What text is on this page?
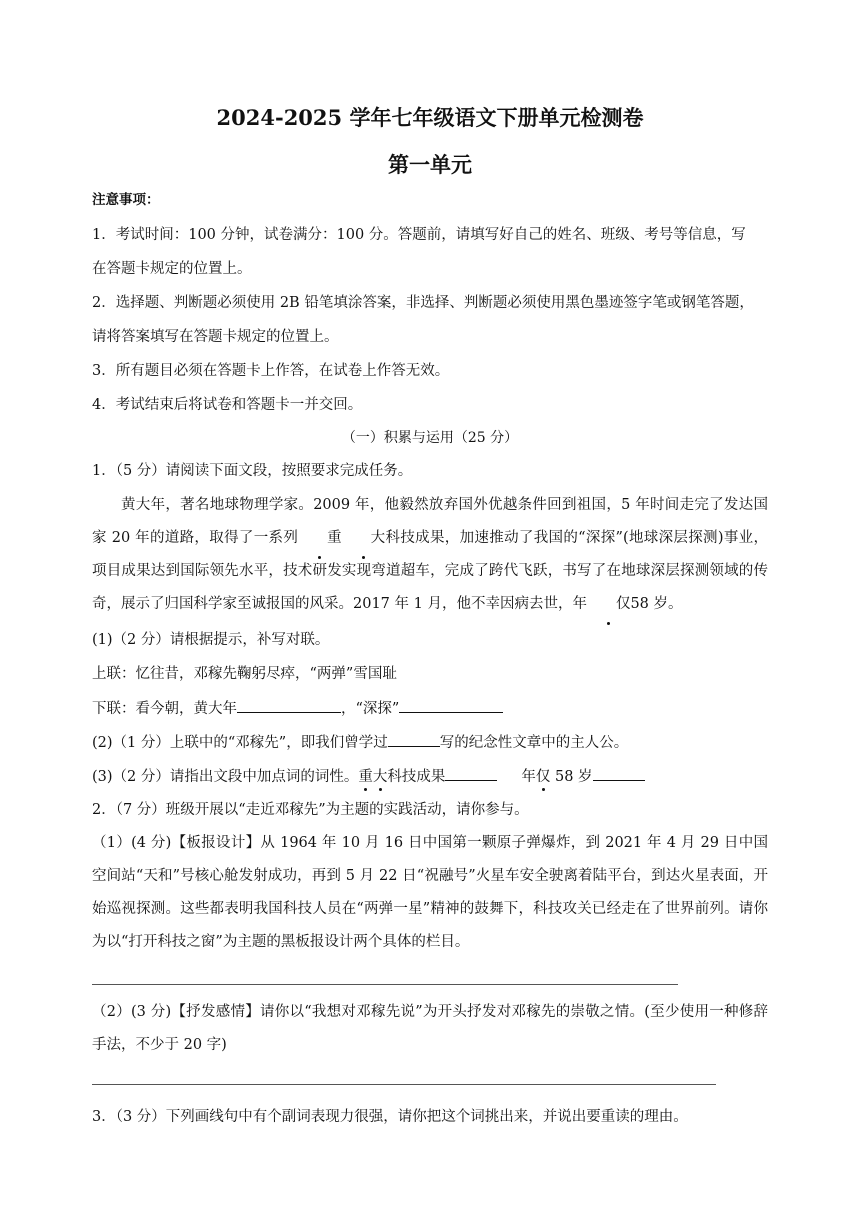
2024-2025 学年七年级语文下册单元检测卷
第一单元
注意事项：
1．考试时间：100 分钟，试卷满分：100 分。答题前，请填写好自己的姓名、班级、考号等信息，写
在答题卡规定的位置上。
2．选择题、判断题必须使用 2B 铅笔填涂答案，非选择、判断题必须使用黑色墨迹签字笔或钢笔答题，
请将答案填写在答题卡规定的位置上。
3．所有题目必须在答题卡上作答，在试卷上作答无效。
4．考试结束后将试卷和答题卡一并交回。
（一）积累与运用（25 分）
1．（5 分）请阅读下面文段，按照要求完成任务。
黄大年，著名地球物理学家。2009 年，他毅然放弃国外优越条件回到祖国，5 年时间走完了发达国家 20 年的道路，取得了一系列 重 大科技成果，加速推动了我国的“深探”(地球深层探测)事业，项目成果达到国际领先水平，技术研发实现弯道超车，完成了跨代飞跃，书写了在地球深层探测领域的传奇，展示了归国科学家至诚报国的风采。2017 年 1 月，他不幸因病去世，年 仅58 岁。
(1)（2 分）请根据提示，补写对联。
上联：忆往昔，邓稼先鞠躬尽瘁，“两弹”雪国耻
下联：看今朝，黄大年	，“深探”
(2)（1 分）上联中的“邓稼先”，即我们曾学过	写的纪念性文章中的主人公。
(3)（2 分）请指出文段中加点词的词性。重大科技成果	年仅 58 岁
2．（7 分）班级开展以“走近邓稼先”为主题的实践活动，请你参与。
（1）(4 分)【板报设计】从 1964 年 10 月 16 日中国第一颗原子弹爆炸，到 2021 年 4 月 29 日中国空间站“天和”号核心舱发射成功，再到 5 月 22 日“祝融号”火星车安全驶离着陆平台，到达火星表面，开始巡视探测。这些都表明我国科技人员在“两弹一星”精神的鼓舞下，科技攻关已经走在了世界前列。请你为以“打开科技之窗”为主题的黑板报设计两个具体的栏目。
（2）(3 分)【抒发感情】请你以“我想对邓稼先说”为开头抒发对邓稼先的崇敬之情。(至少使用一种修辞手法，不少于 20 字)
3．（3 分）下列画线句中有个副词表现力很强，请你把这个词挑出来，并说出要重读的理由。
